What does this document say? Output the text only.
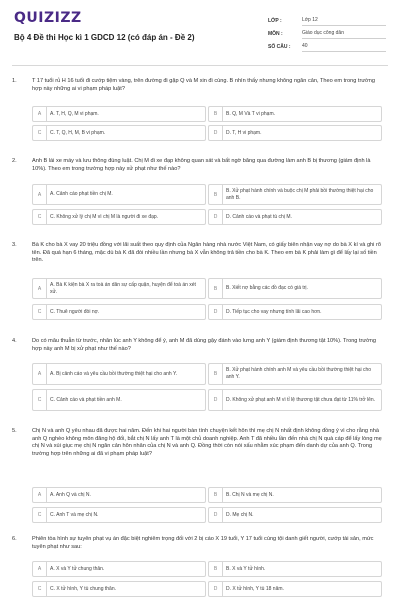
QUIZIZZ
Bộ 4 Đề thi Học kì 1 GDCD 12 (có đáp án - Đề 2)
LỚP :	Lớp 12
MÔN :	Giáo dục công dân
SỐ CÂU :	40
1.	T 17 tuổi rủ H 16 tuổi đi cướp tiệm vàng, trên đường đi gặp Q và M xin đi cùng. B nhìn thấy nhưng không ngăn cản, Theo em trong trường hợp này những ai vi phạm pháp luật?
A	A. T, H, Q, M vi phạm.	B	B. Q, M Và T vi phạm.
C	C. T, Q, H, M, B vi phạm.	D	D. T, H vi phạm.
2.	Anh B lái xe máy và lưu thông đúng luật. Chị M đi xe đạp không quan sát và bất ngờ băng qua đường làm anh B bị thương (giám định là 10%). Theo em trong trường hợp này xử phạt như thế nào?
A	A. Cảnh cáo phạt tiền chị M.	B
B. Xử phạt hành chính và buộc chị M phải bồi thường thiệt hại cho anh B.
C	C. Không xử lý chị M vì chị M là người đi xe đạp.	D	D. Cảnh cáo và phạt tù chị M.
3.	Bà K cho bà X vay 20 triệu đồng với lãi suất theo quy định của Ngân hàng nhà nước Việt Nam, có giấy biên nhận vay nợ do bà X kí và ghi rõ tên. Đã quá hạn 6 tháng, mặc dù bà K đã đòi nhiều lần nhưng bà X vẫn không trả tiền cho bà K. Theo em bà K phải làm gì để lấy lại số tiền trên.
A
A. Bà K kiện bà X ra toà án dân sự cấp quận, huyện để toà án xét xử.	B	B. Xiết nợ bằng các đồ đạc có giá trị.
C	C. Thuê người đòi nợ.	D	D. Tiếp tục cho vay nhưng tính lãi cao hơn.
4.	Do có mâu thuẫn từ trước, nhân lúc anh Y không để ý, anh M đã dùng gậy đánh vào lưng anh Y (giám định thương tật 10%). Trong trường hợp này anh M bị xử phạt như thế nào?
A	A. Bị cảnh cáo và yêu cầu bồi thường thiệt hại cho anh Y.	B
B. Xử phạt hành chính anh M và yêu cầu bồi thường thiệt hại cho anh Y.
C	C. Cảnh cáo và phạt tiền anh M.	D	D. Không xử phạt anh M vì tỉ lệ thương tật chưa đạt từ 11% trở lên.
5.	Chị N và anh Q yêu nhau đã được hai năm. Đến khi hai người bàn tính chuyện kết hôn thì mẹ chị N nhất định không đồng ý vì cho rằng nhà anh Q nghèo không môn đăng hộ đối, bắt chị N lấy anh T là một chủ doanh nghiệp. Anh T đã nhiều lần đến nhà chị N quà cáp để lấy lòng mẹ chị N và xúi giục mẹ chị N ngăn cản hôn nhân của chị N và anh Q. Đồng thời còn nói xấu nhằm xúc phạm đến danh dự của anh Q. Trong trường hợp trên những ai đã vi phạm pháp luật?
A	A. Anh Q và chị N.	B	B. Chị N và mẹ chị N.
C	C. Anh T và mẹ chị N.	D	D. Mẹ chị N.
6.	Phiên tòa hình sự tuyên phạt vụ án đặc biệt nghiêm trọng đối với 2 bị cáo X 19 tuổi, Y 17 tuổi cùng tội danh giết người, cướp tài sản, mức tuyên phạt như sau:
A	A. X và Y tử chung thân.	B	B. X và Y tử hình.
C	C. X tử hình, Y tù chung thân.	D	D. X tử hình, Y tù 18 năm.
